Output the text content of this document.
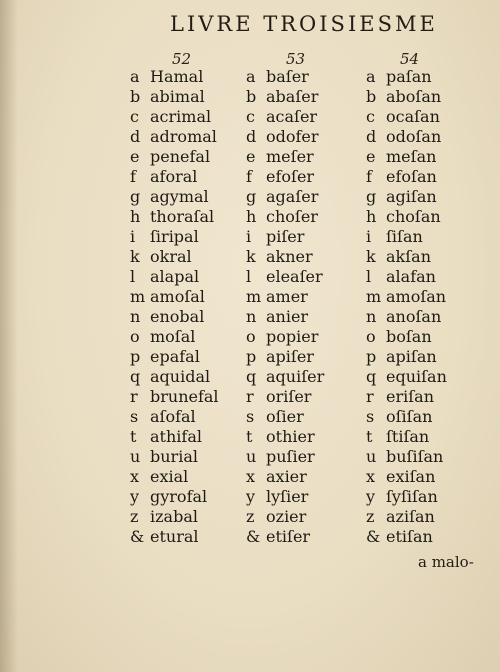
LIVRE TROISIESME
52	53	54
a Hamal
b abimal
c acrimal
d adromal
e penefal
f aforal
g agymal
h thoraſal
i ſiripal
k okral
l alapal
m amoſal
n enobal
o moſal
p epafal
q aquidal
r brunefal
s aſofal
t athifal
u burial
x exial
y gyrofal
z izabal
& etural
a baſer
b abaſer
c acaſer
d odofer
e meſer
f efoſer
g agaſer
h choſer
i piſer
k akner
l eleaſer
m amer
n anier
o popier
p apiſer
q aquiſer
r oriſer
s oſier
t othier
u puſier
x axier
y lyſier
z ozier
& etiſer
a paſan
b aboſan
c ocaſan
d odoſan
e meſan
f efoſan
g agiſan
h choſan
i ſiſan
k akſan
l alafan
m amoſan
n anoſan
o boſan
p apiſan
q equiſan
r eriſan
s oſiſan
t ſtiſan
u buſiſan
x exiſan
y ſyſiſan
z aziſan
& etiſan
a malo-
